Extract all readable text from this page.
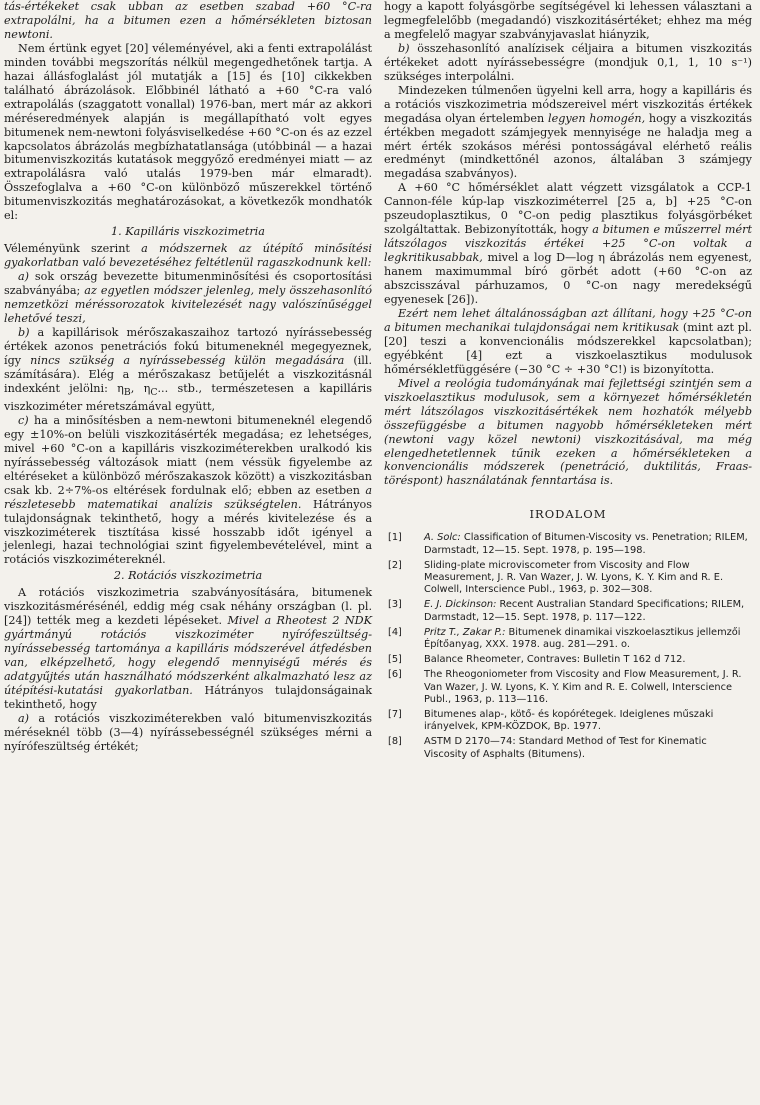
tás-értékeket csak ubban az esetben szabad +60 °C-ra extrapolálni, ha a bitumen ezen a hőmérsékleten biztosan newtoni.

Nem értünk egyet [20] véleményével, aki a fenti extrapolálást minden további megszorítás nélkül megengedhetőnek tartja. A hazai állásfoglalást jól mutatják a [15] és [10] cikkekben található ábrázolások. Előbbinél látható a +60 °C-ra való extrapolálás (szaggatott vonallal) 1976-ban, mert már az akkori méréseredmények alapján is megállapítható volt egyes bitumenek nem-newtoni folyásviselkedése +60 °C-on és az ezzel kapcsolatos ábrázolás megbízhatatlansága (utóbbinál — a hazai bitumenviszkozitás kutatások meggyőző eredményei miatt — az extrapolálásra való utalás 1979-ben már elmaradt). Összefoglalva a +60 °C-on különböző műszerekkel történő bitumenviszkozitás meghatározásokat, a következők mondhatók el:

1. Kapilláris viszkozimetria

Véleményünk szerint a módszernek az útépítő minősítési gyakorlatban való bevezetéséhez feltétlenül ragaszkodnunk kell:

a) sok ország bevezette bitumenminősítési és csoportosítási szabványába; az egyetlen módszer jelenleg, mely összehasonlító nemzetközi méréssorozatok kivitelezését nagy valószínűséggel lehetővé teszi,

b) a kapillárisok mérőszakaszaihoz tartozó nyírássebesség értékek azonos penetrációs fokú bitumeneknél megegyeznek, így nincs szükség a nyírássebesség külön megadására (ill. számítására). Elég a mérőszakasz betűjelét a viszkozitásnál indexként jelölni: $\eta_B$, $\eta_C$... stb., természetesen a kapilláris viszkoziméter méretszámával együtt,

c) ha a minősítésben a nem-newtoni bitumeneknél elegendő egy ±10%-on belüli viszkozitásérték megadása; ez lehetséges, mivel +60 °C-on a kapilláris viszkoziméterekben uralkodó kis nyírássebesség változások miatt (nem véssük figyelembe az eltéréseket a különböző mérőszakaszok között) a viszkozitásban csak kb. 2÷7%-os eltérések fordulnak elő; ebben az esetben a részletesebb matematikai analízis szükségtelen. Hátrányos tulajdonságnak tekinthető, hogy a mérés kivitelezése és a viszkoziméterek tisztítása kissé hosszabb időt igényel a jelenlegi, hazai technológiai szint figyelembevételével, mint a rotációs viszkozimétereknél.

2. Rotációs viszkozimetria

A rotációs viszkozimetria szabványosítására, bitumenek viszkozitásmérésénél, eddig még csak néhány országban (l. pl. [24]) tették meg a kezdeti lépéseket. Mivel a Rheotest 2 NDK gyártmányú rotációs viszkoziméter nyírófeszültség-nyírássebesség tartománya a kapilláris módszerével átfedésben van, elképzelhető, hogy elegendő mennyiségű mérés és adatgyűjtés után használható módszerként alkalmazható lesz az útépítési-kutatási gyakorlatban. Hátrányos tulajdonságainak tekinthető, hogy

a) a rotációs viszkoziméterekben való bitumenviszkozitás méréseknél több (3—4) nyírássebességnél szükséges mérni a nyírófeszültség értékét;

hogy a kapott folyásgörbe segítségével ki lehessen választani a legmegfelelőbb (megadandó) viszkozitásértéket; ehhez ma még a megfelelő magyar szabványjavaslat hiányzik,

b) összehasonlító analízisek céljaira a bitumen viszkozitás értékeket adott nyírássebességre (mondjuk 0,1, 1, 10 s⁻¹) szükséges interpolálni.

Mindezeken túlmenően ügyelni kell arra, hogy a kapilláris és a rotációs viszkozimetria módszereivel mért viszkozitás értékek megadása olyan értelemben legyen homogén, hogy a viszkozitás értékben megadott számjegyek mennyisége ne haladja meg a mért érték szokásos mérési pontosságával elérhető reális eredményt (mindkettőnél azonos, általában 3 számjegy megadása szabványos).

A +60 °C hőmérséklet alatt végzett vizsgálatok a CCP-1 Cannon-féle kúp-lap viszkoziméterrel [25 a, b] +25 °C-on pszeudoplasztikus, 0 °C-on pedig plasztikus folyásgörbéket szolgáltattak. Bebizonyították, hogy a bitumen e műszerrel mért látszólagos viszkozitás értékei +25 °C-on voltak a legkritikusabbak, mivel a log D—log η ábrázolás nem egyenest, hanem maximummal bíró görbét adott (+60 °C-on az abszcisszával párhuzamos, 0 °C-on nagy meredekségű egyenesek [26]).

Ezért nem lehet általánosságban azt állítani, hogy +25 °C-on a bitumen mechanikai tulajdonságai nem kritikusak (mint azt pl. [20] teszi a konvencionális módszerekkel kapcsolatban); egyébként [4] ezt a viszkoelasztikus modulusok hőmérsékletfüggésére (−30 °C ÷ +30 °C!) is bizonyította.

Mivel a reológia tudományának mai fejlettségi szintjén sem a viszkoelasztikus modulusok, sem a környezet hőmérsékletén mért látszólagos viszkozitásértékek nem hozhatók mélyebb összefüggésbe a bitumen nagyobb hőmérsékleteken mért (newtoni vagy közel newtoni) viszkozitásával, ma még elengedhetetlennek tűnik ezeken a hőmérsékleteken a konvencionális módszerek (penetráció, duktilitás, Fraas-töréspont) használatának fenntartása is.

IRODALOM

[1]	A. Solc: Classification of Bitumen-Viscosity vs. Penetration; RILEM, Darmstadt, 12—15. Sept. 1978, p. 195—198.
[2]	Sliding-plate microviscometer from Viscosity and Flow Measurement, J. R. Van Wazer, J. W. Lyons, K. Y. Kim and R. E. Colwell, Interscience Publ., 1963, p. 302—308.
[3]	E. J. Dickinson: Recent Australian Standard Specifications; RILEM, Darmstadt, 12—15. Sept. 1978, p. 117—122.
[4]	Pritz T., Zakar P.: Bitumenek dinamikai viszkoelasztikus jellemzői Építőanyag, XXX. 1978. aug. 281—291. o.
[5]	Balance Rheometer, Contraves: Bulletin T 162 d 712.
[6]	The Rheogoniometer from Viscosity and Flow Measurement, J. R. Van Wazer, J. W. Lyons, K. Y. Kim and R. E. Colwell, Interscience Publ., 1963, p. 113—116.
[7]	Bitumenes alap-, kötő- és kopórétegek. Ideiglenes műszaki irányelvek, KPM-KÖZDOK, Bp. 1977.
[8]	ASTM D 2170—74: Standard Method of Test for Kinematic Viscosity of Asphalts (Bitumens).
